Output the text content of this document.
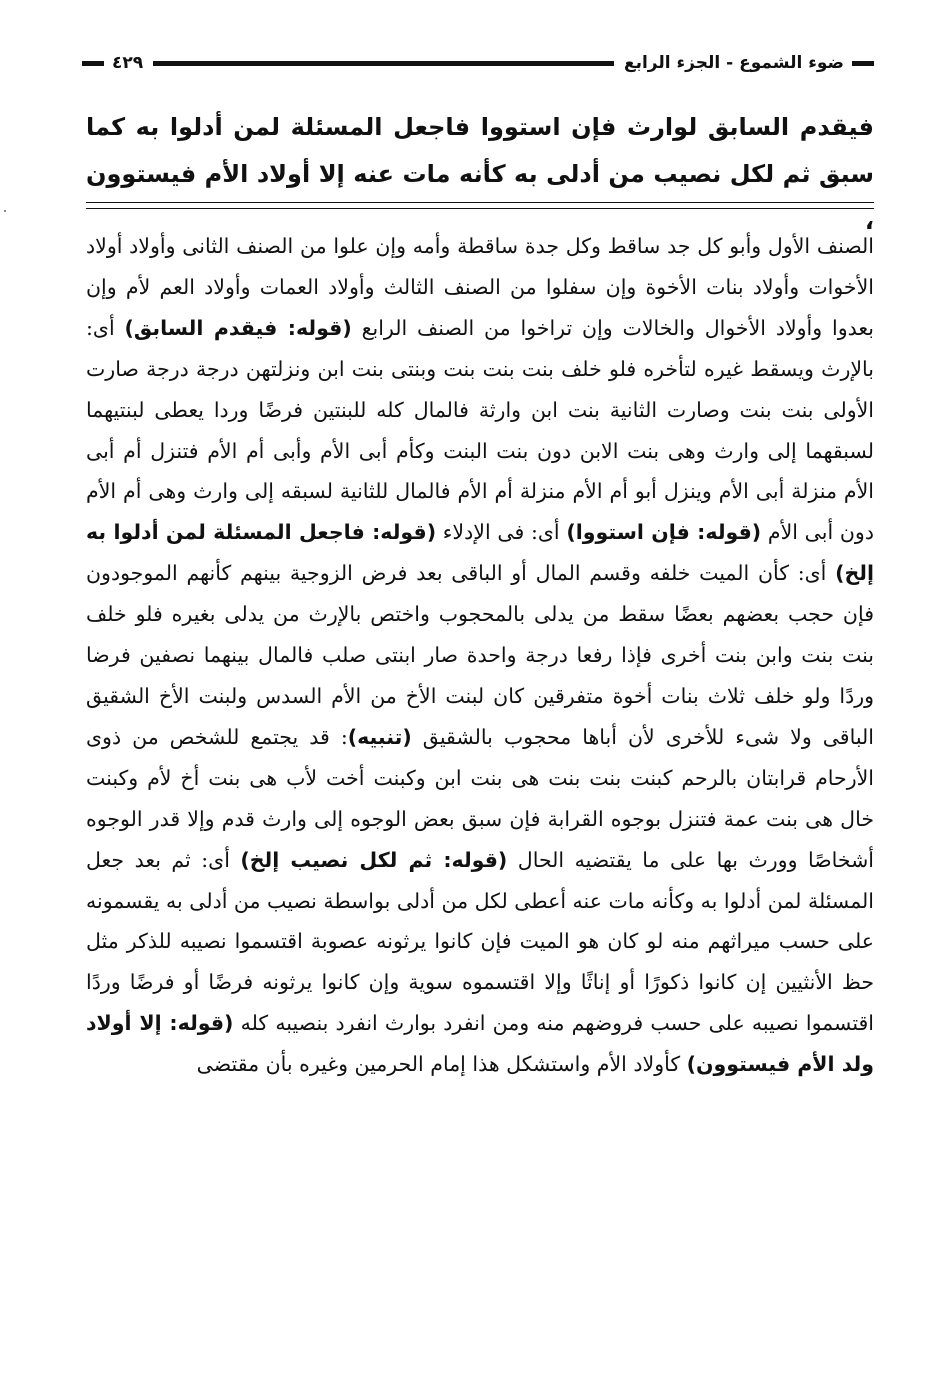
ضوء الشموع - الجزء الرابع
٤٢٩

فيقدم السابق لوارث فإن استووا فاجعل المسئلة لمن أدلوا به كما سبق ثم لكل نصيب من أدلى به كأنه مات عنه إلا أولاد الأم فيستوون ،

الصنف الأول وأبو كل جد ساقط وكل جدة ساقطة وأمه وإن علوا من الصنف الثانى وأولاد أولاد الأخوات وأولاد بنات الأخوة وإن سفلوا من الصنف الثالث وأولاد العمات وأولاد العم لأم وإن بعدوا وأولاد الأخوال والخالات وإن تراخوا من الصنف الرابع (قوله: فيقدم السابق) أى: بالإرث ويسقط غيره لتأخره فلو خلف بنت بنت بنت وبنتى بنت ابن ونزلتهن درجة درجة صارت الأولى بنت بنت وصارت الثانية بنت ابن وارثة فالمال كله للبنتين فرضًا وردا يعطى لبنتيهما لسبقهما إلى وارث وهى بنت الابن دون بنت البنت وكأم أبى الأم وأبى أم الأم فتنزل أم أبى الأم منزلة أبى الأم وينزل أبو أم الأم منزلة أم الأم فالمال للثانية لسبقه إلى وارث وهى أم الأم دون أبى الأم (قوله: فإن استووا) أى: فى الإدلاء (قوله: فاجعل المسئلة لمن أدلوا به إلخ) أى: كأن الميت خلفه وقسم المال أو الباقى بعد فرض الزوجية بينهم كأنهم الموجودون فإن حجب بعضهم بعضًا سقط من يدلى بالمحجوب واختص بالإرث من يدلى بغيره فلو خلف بنت بنت وابن بنت أخرى فإذا رفعا درجة واحدة صار ابنتى صلب فالمال بينهما نصفين فرضا وردًا ولو خلف ثلاث بنات أخوة متفرقين كان لبنت الأخ من الأم السدس ولبنت الأخ الشقيق الباقى ولا شىء للأخرى لأن أباها محجوب بالشقيق (تنبيه): قد يجتمع للشخص من ذوى الأرحام قرابتان بالرحم كبنت بنت بنت هى بنت ابن وكبنت أخت لأب هى بنت أخ لأم وكبنت خال هى بنت عمة فتنزل بوجوه القرابة فإن سبق بعض الوجوه إلى وارث قدم وإلا قدر الوجوه أشخاصًا وورث بها على ما يقتضيه الحال (قوله: ثم لكل نصيب إلخ) أى: ثم بعد جعل المسئلة لمن أدلوا به وكأنه مات عنه أعطى لكل من أدلى بواسطة نصيب من أدلى به يقسمونه على حسب ميراثهم منه لو كان هو الميت فإن كانوا يرثونه عصوبة اقتسموا نصيبه للذكر مثل حظ الأنثيين إن كانوا ذكورًا أو إناثًا وإلا اقتسموه سوية وإن كانوا يرثونه فرضًا أو فرضًا وردًا اقتسموا نصيبه على حسب فروضهم منه ومن انفرد بوارث انفرد بنصيبه كله (قوله: إلا أولاد ولد الأم فيستوون) كأولاد الأم واستشكل هذا إمام الحرمين وغيره بأن مقتضى
